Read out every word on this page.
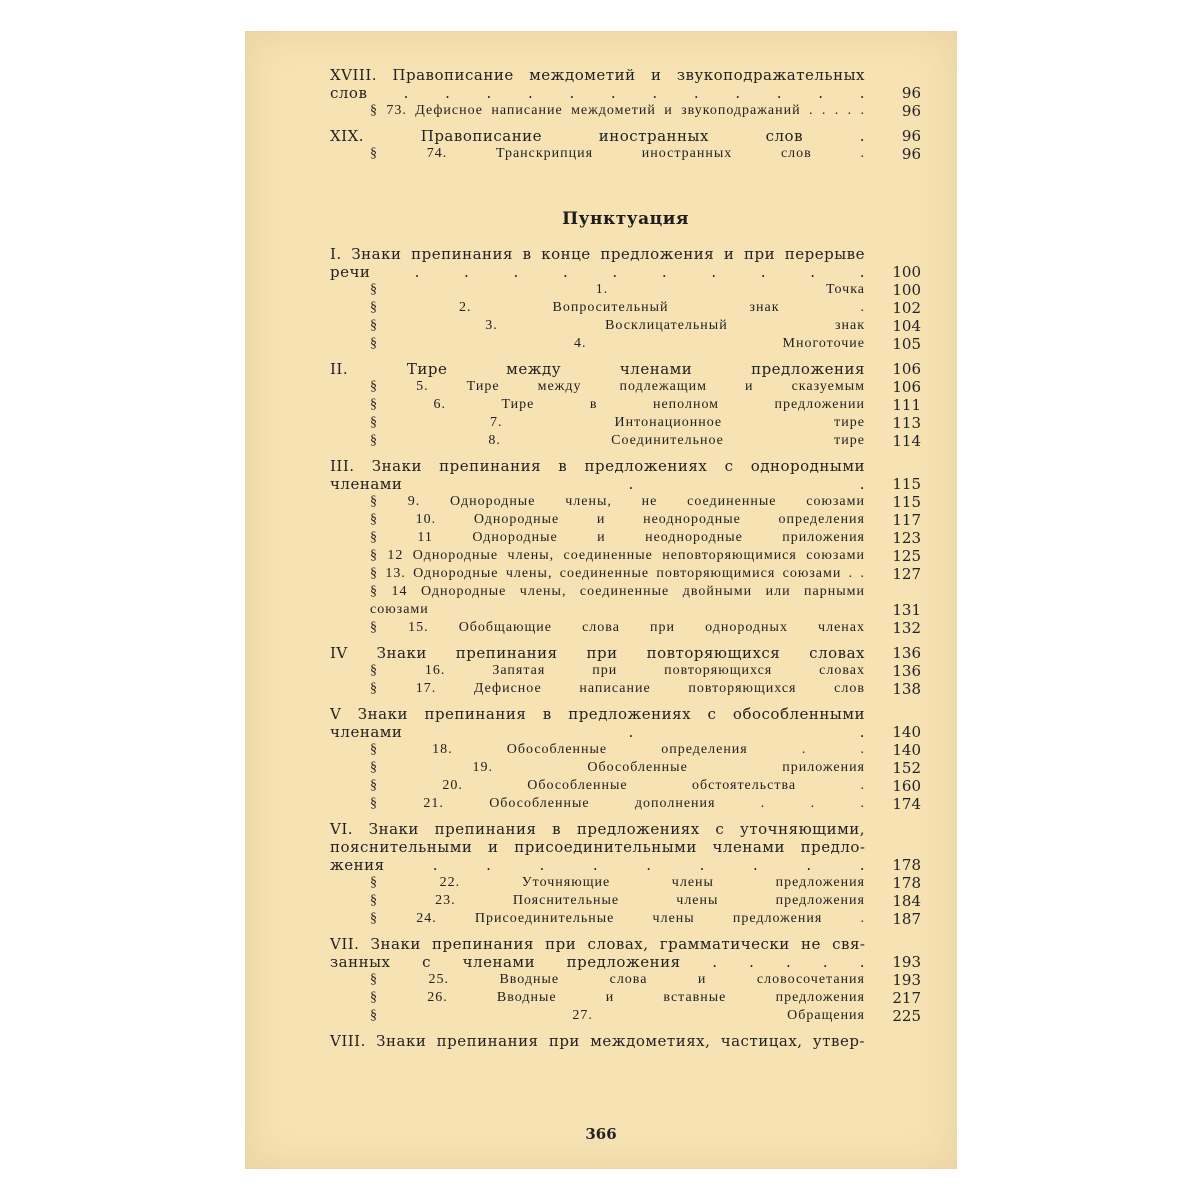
XVIII. Правописание междометий и звукоподражательных слов . . . . . . . . . . . .	96
§ 73. Дефисное написание междометий и звукоподражаний . . . . .	96
XIX. Правописание иностранных слов .	96
§ 74. Транскрипция иностранных слов .	96
Пунктуация
I. Знаки препинания в конце предложения и при перерыве речи . . . . . . . . . .	100
§ 1. Точка	100
§ 2. Вопросительный знак .	102
§ 3. Восклицательный знак	104
§ 4. Многоточие	105
II. Тире между членами предложения	106
§ 5. Тире между подлежащим и сказуемым	106
§ 6. Тире в неполном предложении	111
§ 7. Интонационное тире	113
§ 8. Соединительное тире	114
III. Знаки препинания в предложениях с однородными членами . .	115
§ 9. Однородные члены, не соединенные союзами	115
§ 10. Однородные и неоднородные определения	117
§ 11 Однородные и неоднородные приложения	123
§ 12 Однородные члены, соединенные неповторяющимися союзами	125
§ 13. Однородные члены, соединенные повторяющимися союзами . .	127
§ 14 Однородные члены, соединенные двойными или парными союзами	131
§ 15. Обобщающие слова при однородных членах	132
IV Знаки препинания при повторяющихся словах	136
§ 16. Запятая при повторяющихся словах	136
§ 17. Дефисное написание повторяющихся слов	138
V Знаки препинания в предложениях с обособленными членами . .	140
§ 18. Обособленные определения . .	140
§ 19. Обособленные приложения	152
§ 20. Обособленные обстоятельства .	160
§ 21. Обособленные дополнения . . .	174
VI. Знаки препинания в предложениях с уточняющими, пояснительными и присоединительными членами предложения . . . . . . . . .	178
§ 22. Уточняющие члены предложения	178
§ 23. Пояснительные члены предложения	184
§ 24. Присоединительные члены предложения .	187
VII. Знаки препинания при словах, грамматически не связанных с членами предложения . . . . .	193
§ 25. Вводные слова и словосочетания	193
§ 26. Вводные и вставные предложения	217
§ 27. Обращения	225
VIII. Знаки препинания при междометиях, частицах, утвер-
366
